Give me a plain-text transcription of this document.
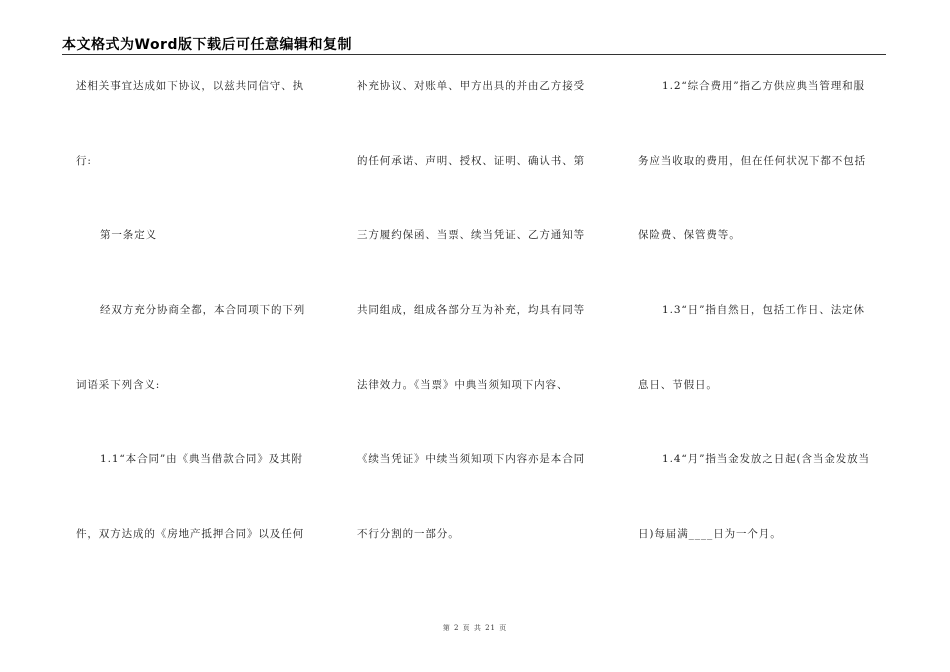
本文格式为Word版下载后可任意编辑和复制
述相关事宜达成如下协议，以兹共同信守、执
行:
第一条定义
经双方充分协商全都，本合同项下的下列
词语采下列含义:
1.1“本合同”由《典当借款合同》及其附
件，双方达成的《房地产抵押合同》以及任何
补充协议、对账单、甲方出具的并由乙方接受
的任何承诺、声明、授权、证明、确认书、第
三方履约保函、当票、续当凭证、乙方通知等
共同组成，组成各部分互为补充，均具有同等
法律效力。《当票》中典当须知项下内容、
《续当凭证》中续当须知项下内容亦是本合同
不行分割的一部分。
1.2“综合费用”指乙方供应典当管理和服
务应当收取的费用，但在任何状况下都不包括
保险费、保管费等。
1.3“日”指自然日，包括工作日、法定休
息日、节假日。
1.4“月”指当金发放之日起(含当金发放当
日)每届满____日为一个月。
第 2 页 共 21 页
